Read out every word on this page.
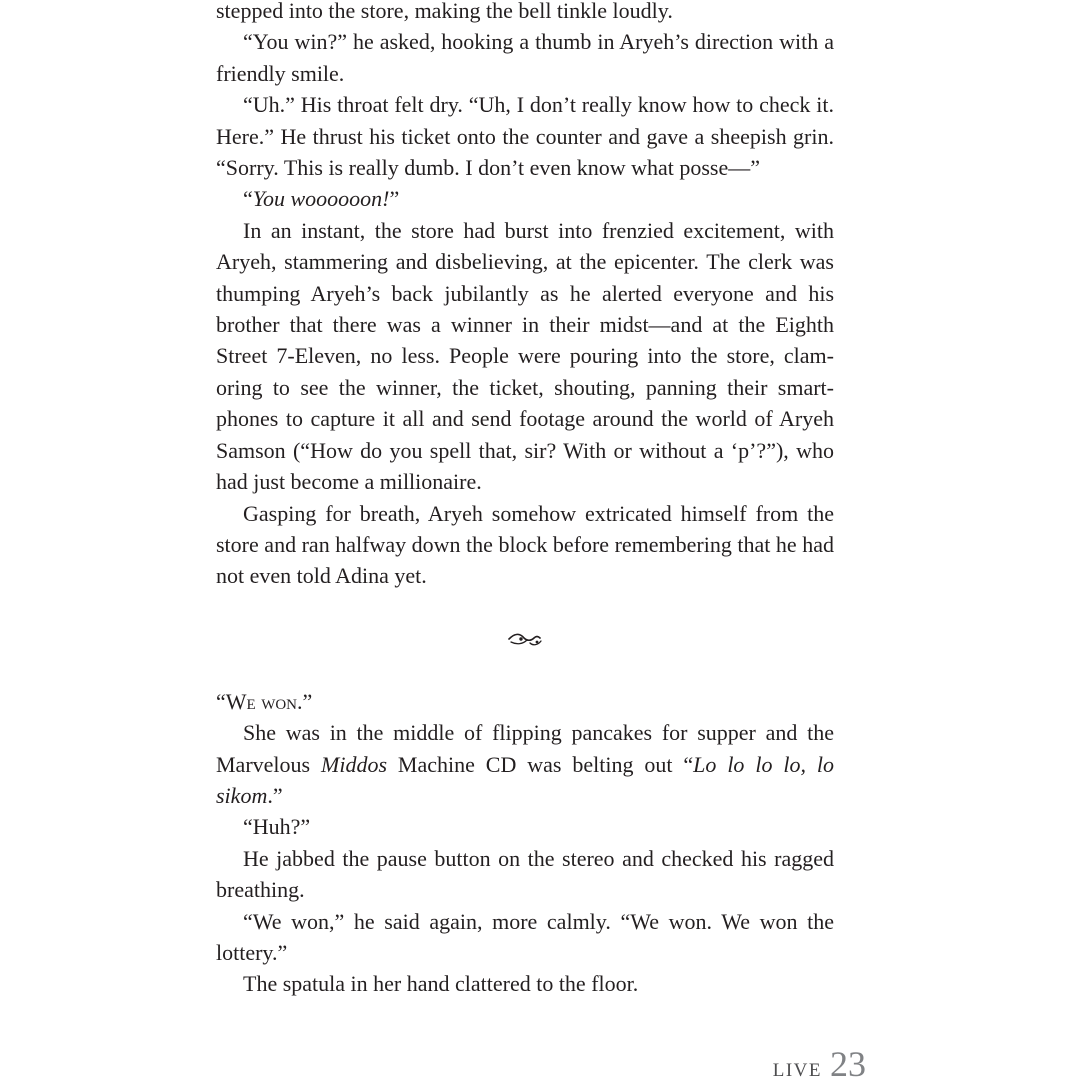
stepped into the store, making the bell tinkle loudly.

“You win?” he asked, hooking a thumb in Aryeh’s direction with a friendly smile.

“Uh.” His throat felt dry. “Uh, I don’t really know how to check it. Here.” He thrust his ticket onto the counter and gave a sheepish grin. “Sorry. This is really dumb. I don’t even know what posse—”

“You woooooon!”

In an instant, the store had burst into frenzied excitement, with Aryeh, stammering and disbelieving, at the epicenter. The clerk was thumping Aryeh’s back jubilantly as he alerted everyone and his brother that there was a winner in their midst—and at the Eighth Street 7-Eleven, no less. People were pouring into the store, clamoring to see the winner, the ticket, shouting, panning their smartphones to capture it all and send footage around the world of Aryeh Samson (“How do you spell that, sir? With or without a ‘p’?”), who had just become a millionaire.

Gasping for breath, Aryeh somehow extricated himself from the store and ran halfway down the block before remembering that he had not even told Adina yet.

“We won.”

She was in the middle of flipping pancakes for supper and the Marvelous Middos Machine CD was belting out “Lo lo lo lo, lo sikom.”

“Huh?”

He jabbed the pause button on the stereo and checked his ragged breathing.

“We won,” he said again, more calmly. “We won. We won the lottery.”

The spatula in her hand clattered to the floor.

LIVE 23
